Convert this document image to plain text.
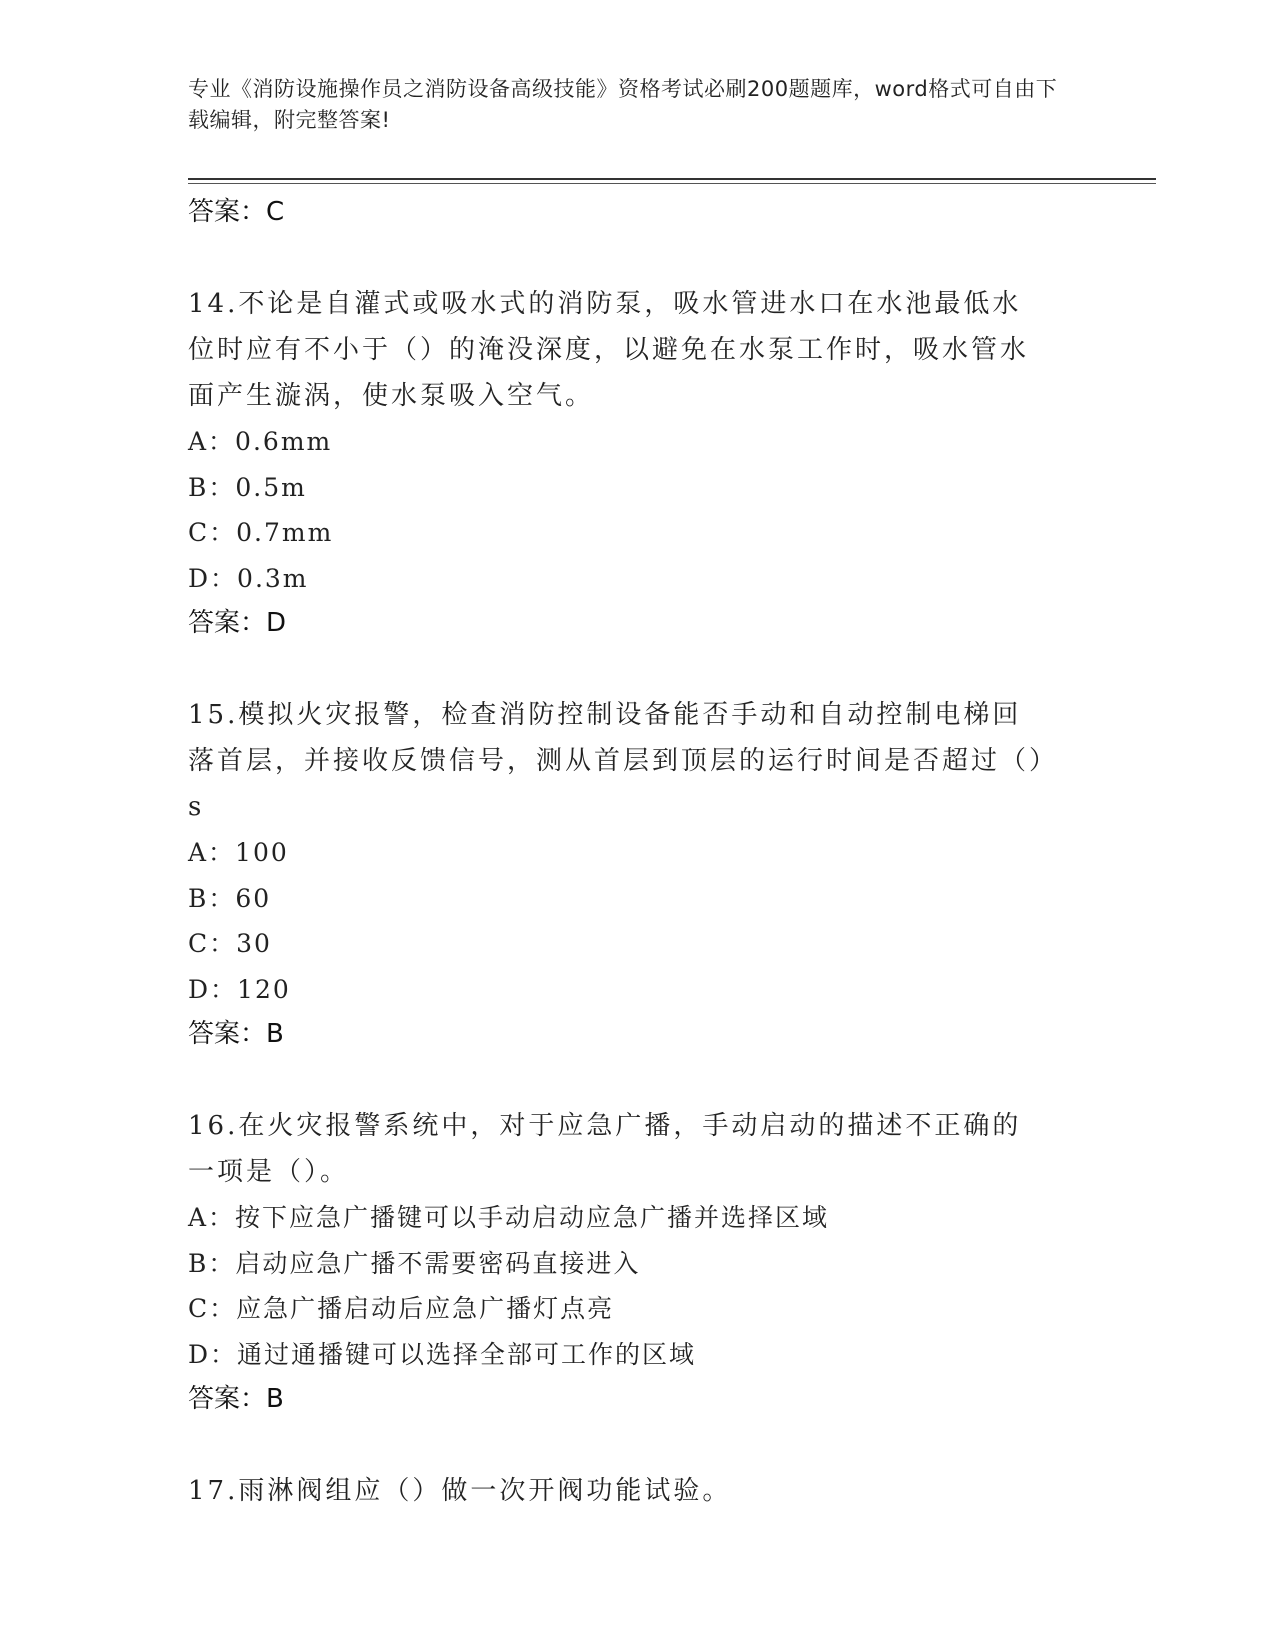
专业《消防设施操作员之消防设备高级技能》资格考试必刷200题题库，word格式可自由下载编辑，附完整答案!
答案：C
14.不论是自灌式或吸水式的消防泵，吸水管进水口在水池最低水位时应有不小于（）的淹没深度，以避免在水泵工作时，吸水管水面产生漩涡，使水泵吸入空气。
A：0.6mm
B：0.5m
C：0.7mm
D：0.3m
答案：D
15.模拟火灾报警，检查消防控制设备能否手动和自动控制电梯回落首层，并接收反馈信号，测从首层到顶层的运行时间是否超过（）s
A：100
B：60
C：30
D：120
答案：B
16.在火灾报警系统中，对于应急广播，手动启动的描述不正确的一项是（）。
A：按下应急广播键可以手动启动应急广播并选择区域
B：启动应急广播不需要密码直接进入
C：应急广播启动后应急广播灯点亮
D：通过通播键可以选择全部可工作的区域
答案：B
17.雨淋阀组应（）做一次开阀功能试验。
